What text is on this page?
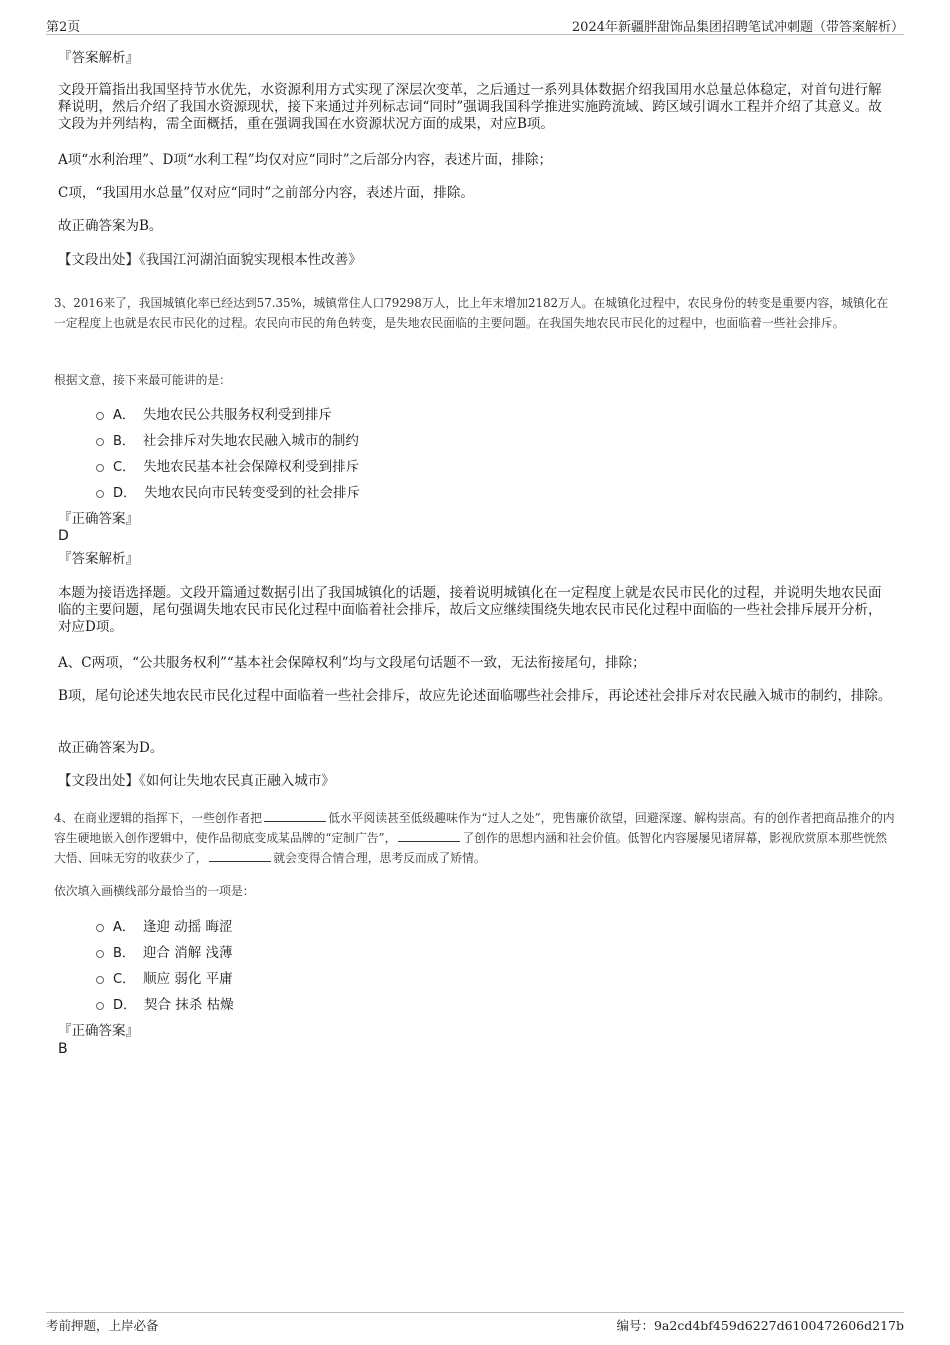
第2页	2024年新疆胖甜饰品集团招聘笔试冲刺题（带答案解析）
『答案解析』
文段开篇指出我国坚持节水优先，水资源利用方式实现了深层次变革，之后通过一系列具体数据介绍我国用水总量总体稳定，对首句进行解释说明，然后介绍了我国水资源现状，接下来通过并列标志词“同时”强调我国科学推进实施跨流域、跨区域引调水工程并介绍了其意义。故文段为并列结构，需全面概括，重在强调我国在水资源状况方面的成果，对应B项。
A项“水利治理”、D项“水利工程”均仅对应“同时”之后部分内容，表述片面，排除；
C项，“我国用水总量”仅对应“同时”之前部分内容，表述片面，排除。
故正确答案为B。
【文段出处】《我国江河湖泊面貌实现根本性改善》
3、2016来了，我国城镇化率已经达到57.35%，城镇常住人口79298万人，比上年末增加2182万人。在城镇化过程中，农民身份的转变是重要内容，城镇化在一定程度上也就是农民市民化的过程。农民向市民的角色转变，是失地农民面临的主要问题。在我国失地农民市民化的过程中，也面临着一些社会排斥。
根据文意，接下来最可能讲的是：
A． 失地农民公共服务权利受到排斥
B． 社会排斥对失地农民融入城市的制约
C． 失地农民基本社会保障权利受到排斥
D． 失地农民向市民转变受到的社会排斥
『正确答案』
D
『答案解析』
本题为接语选择题。文段开篇通过数据引出了我国城镇化的话题，接着说明城镇化在一定程度上就是农民市民化的过程，并说明失地农民面临的主要问题，尾句强调失地农民市民化过程中面临着社会排斥，故后文应继续围绕失地农民市民化过程中面临的一些社会排斥展开分析，对应D项。
A、C两项，“公共服务权利”“基本社会保障权利”均与文段尾句话题不一致，无法衔接尾句，排除；
B项，尾句论述失地农民市民化过程中面临着一些社会排斥，故应先论述面临哪些社会排斥，再论述社会排斥对农民融入城市的制约，排除。
故正确答案为D。
【文段出处】《如何让失地农民真正融入城市》
4、在商业逻辑的指挥下，一些创作者把	低水平阅读甚至低级趣味作为“过人之处”，兜售廉价欲望，回避深邃、解构崇高。有的创作者把商品推介的内容生硬地嵌入创作逻辑中，使作品彻底变成某品牌的“定制广告”，	了创作的思想内涵和社会价值。低智化内容屡屡见诸屏幕，影视欣赏原本那些恍然大悟、回味无穷的收获少了，	就会变得合情合理，思考反而成了矫情。
依次填入画横线部分最恰当的一项是：
A． 逢迎 动摇 晦涩
B． 迎合 消解 浅薄
C． 顺应 弱化 平庸
D． 契合 抹杀 枯燥
『正确答案』
B
考前押题，上岸必备	编号：9a2cd4bf459d6227d6100472606d217b
